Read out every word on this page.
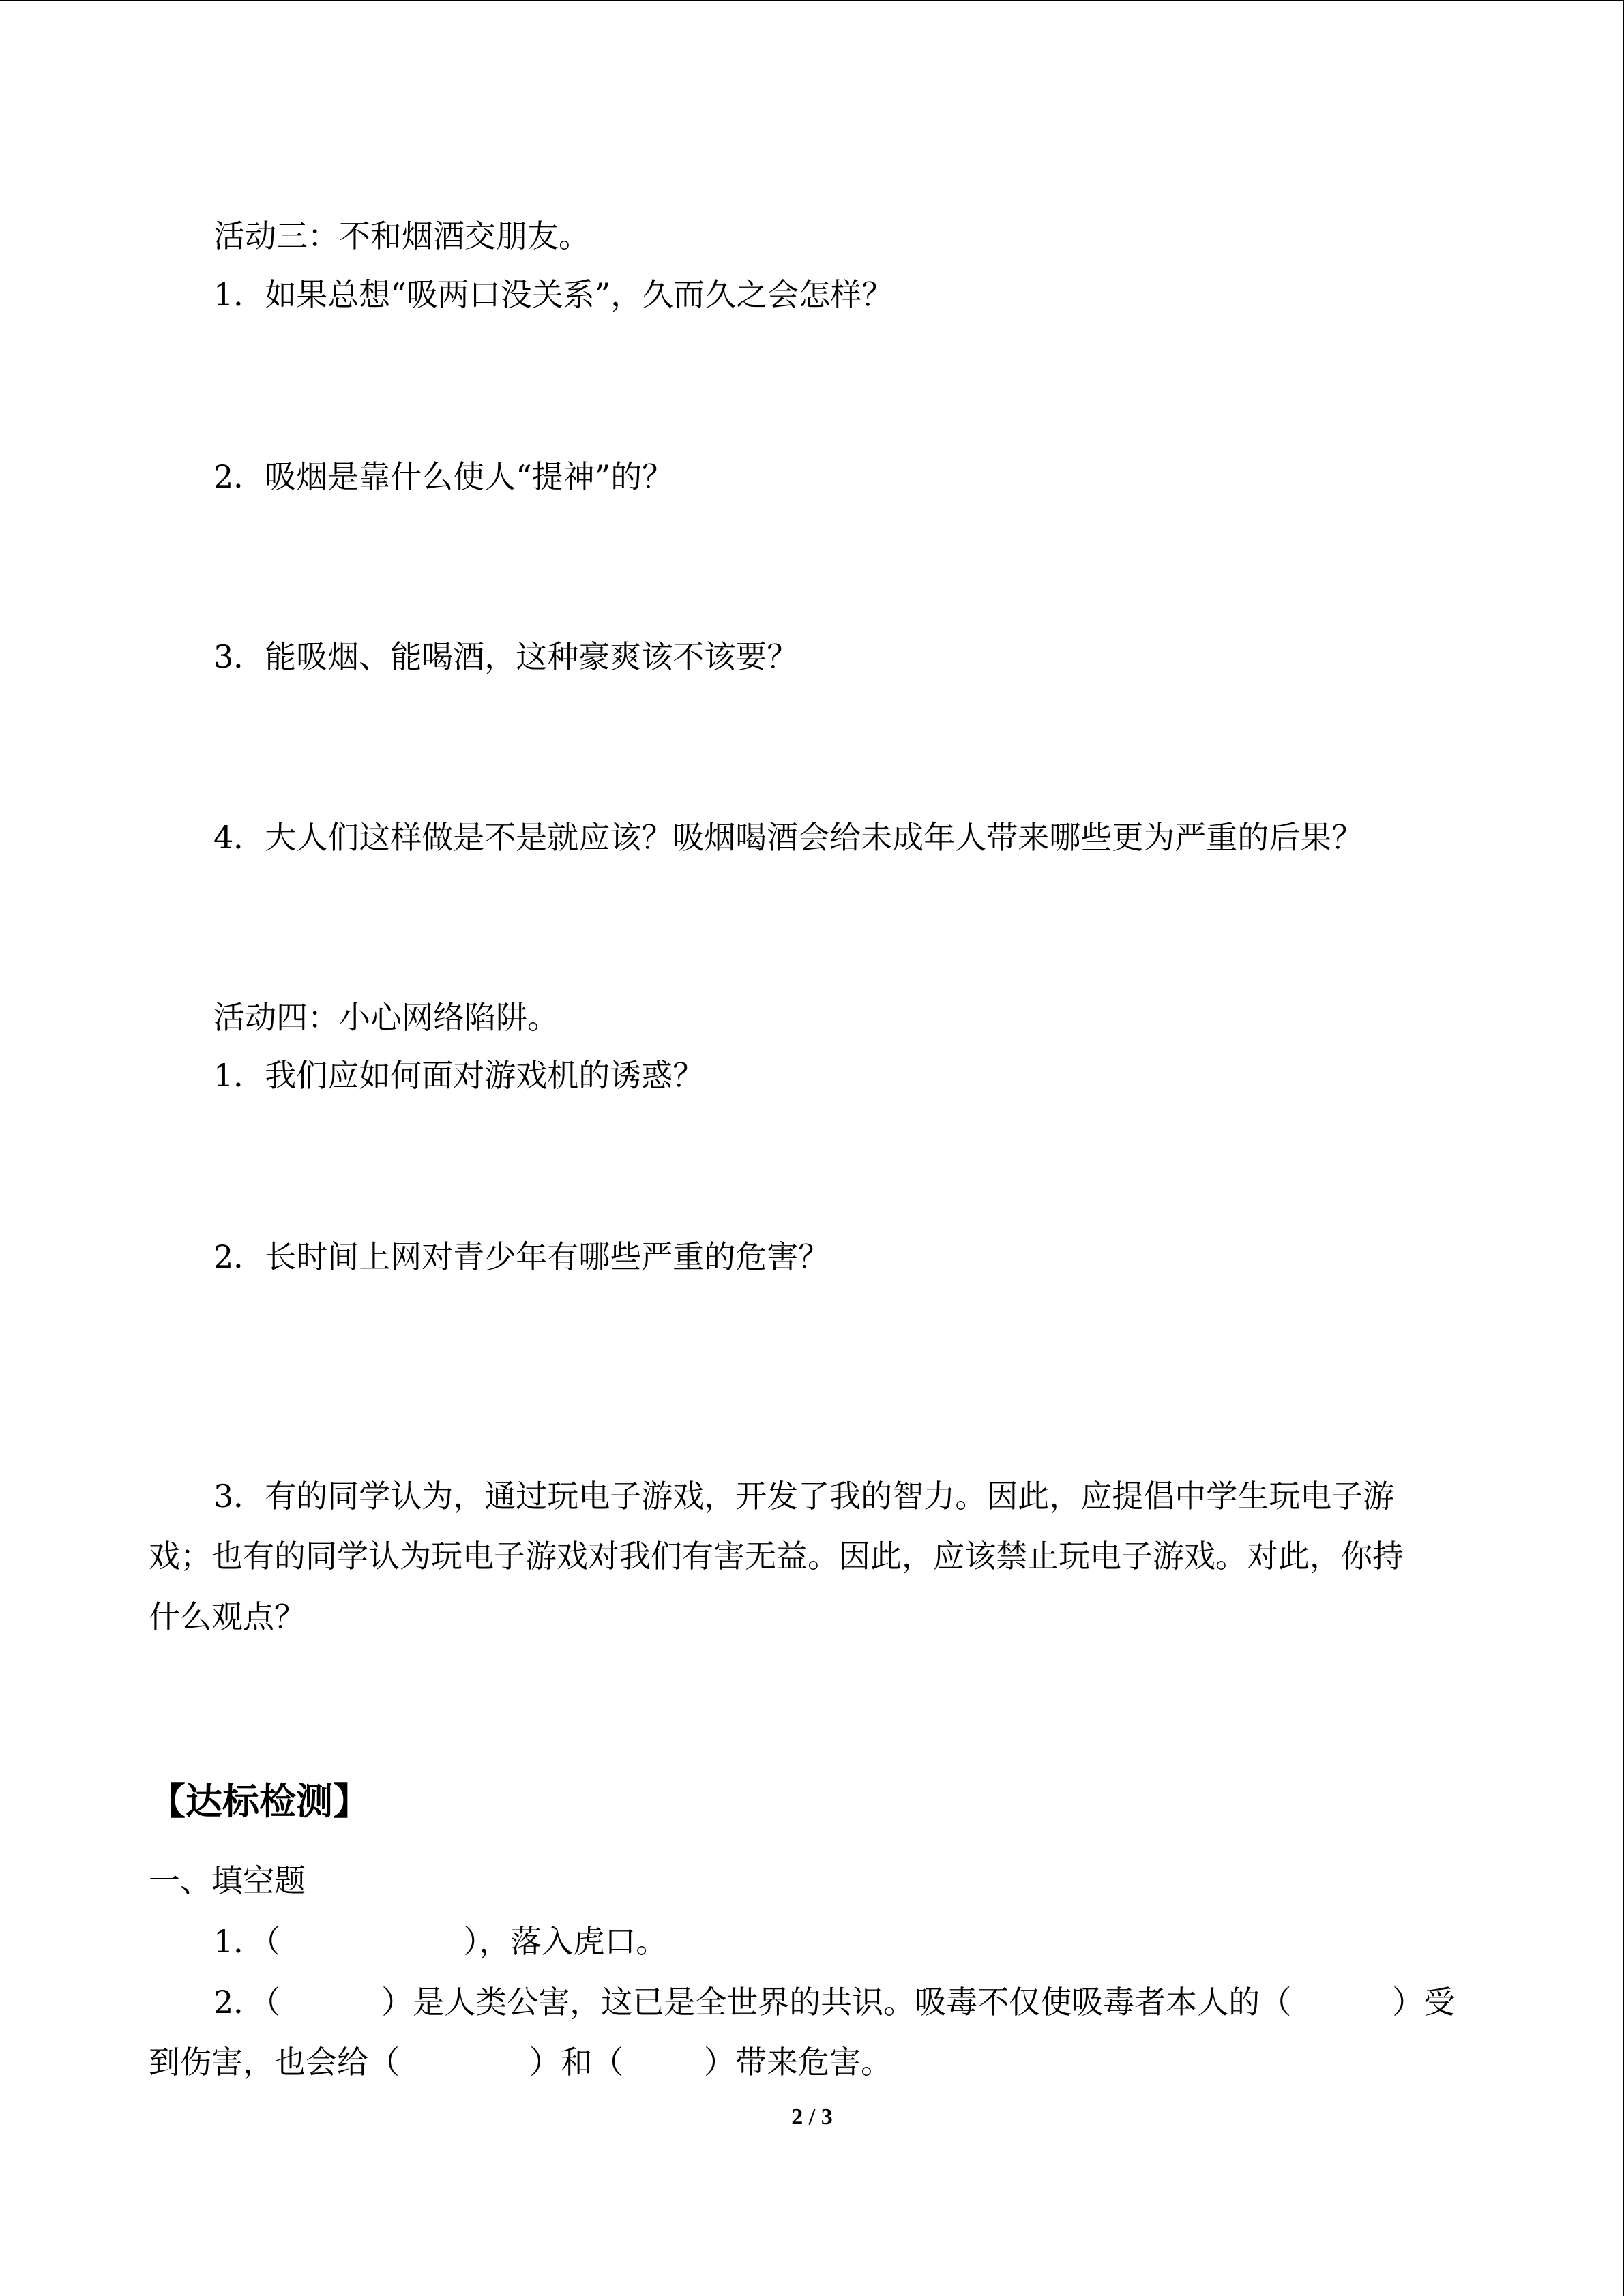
活动三：不和烟酒交朋友。
1．如果总想“吸两口没关系”，久而久之会怎样？
2．吸烟是靠什么使人“提神”的？
3．能吸烟、能喝酒，这种豪爽该不该要？
4．大人们这样做是不是就应该？吸烟喝酒会给未成年人带来哪些更为严重的后果？
活动四：小心网络陷阱。
1．我们应如何面对游戏机的诱惑？
2．长时间上网对青少年有哪些严重的危害？
3．有的同学认为，通过玩电子游戏，开发了我的智力。因此，应提倡中学生玩电子游
戏；也有的同学认为玩电子游戏对我们有害无益。因此，应该禁止玩电子游戏。对此，你持
什么观点？
【达标检测】
一、填空题
1．（	），落入虎口。
2．（	）是人类公害，这已是全世界的共识。吸毒不仅使吸毒者本人的（	）受
到伤害，也会给（	）和（	）带来危害。
2 / 3
